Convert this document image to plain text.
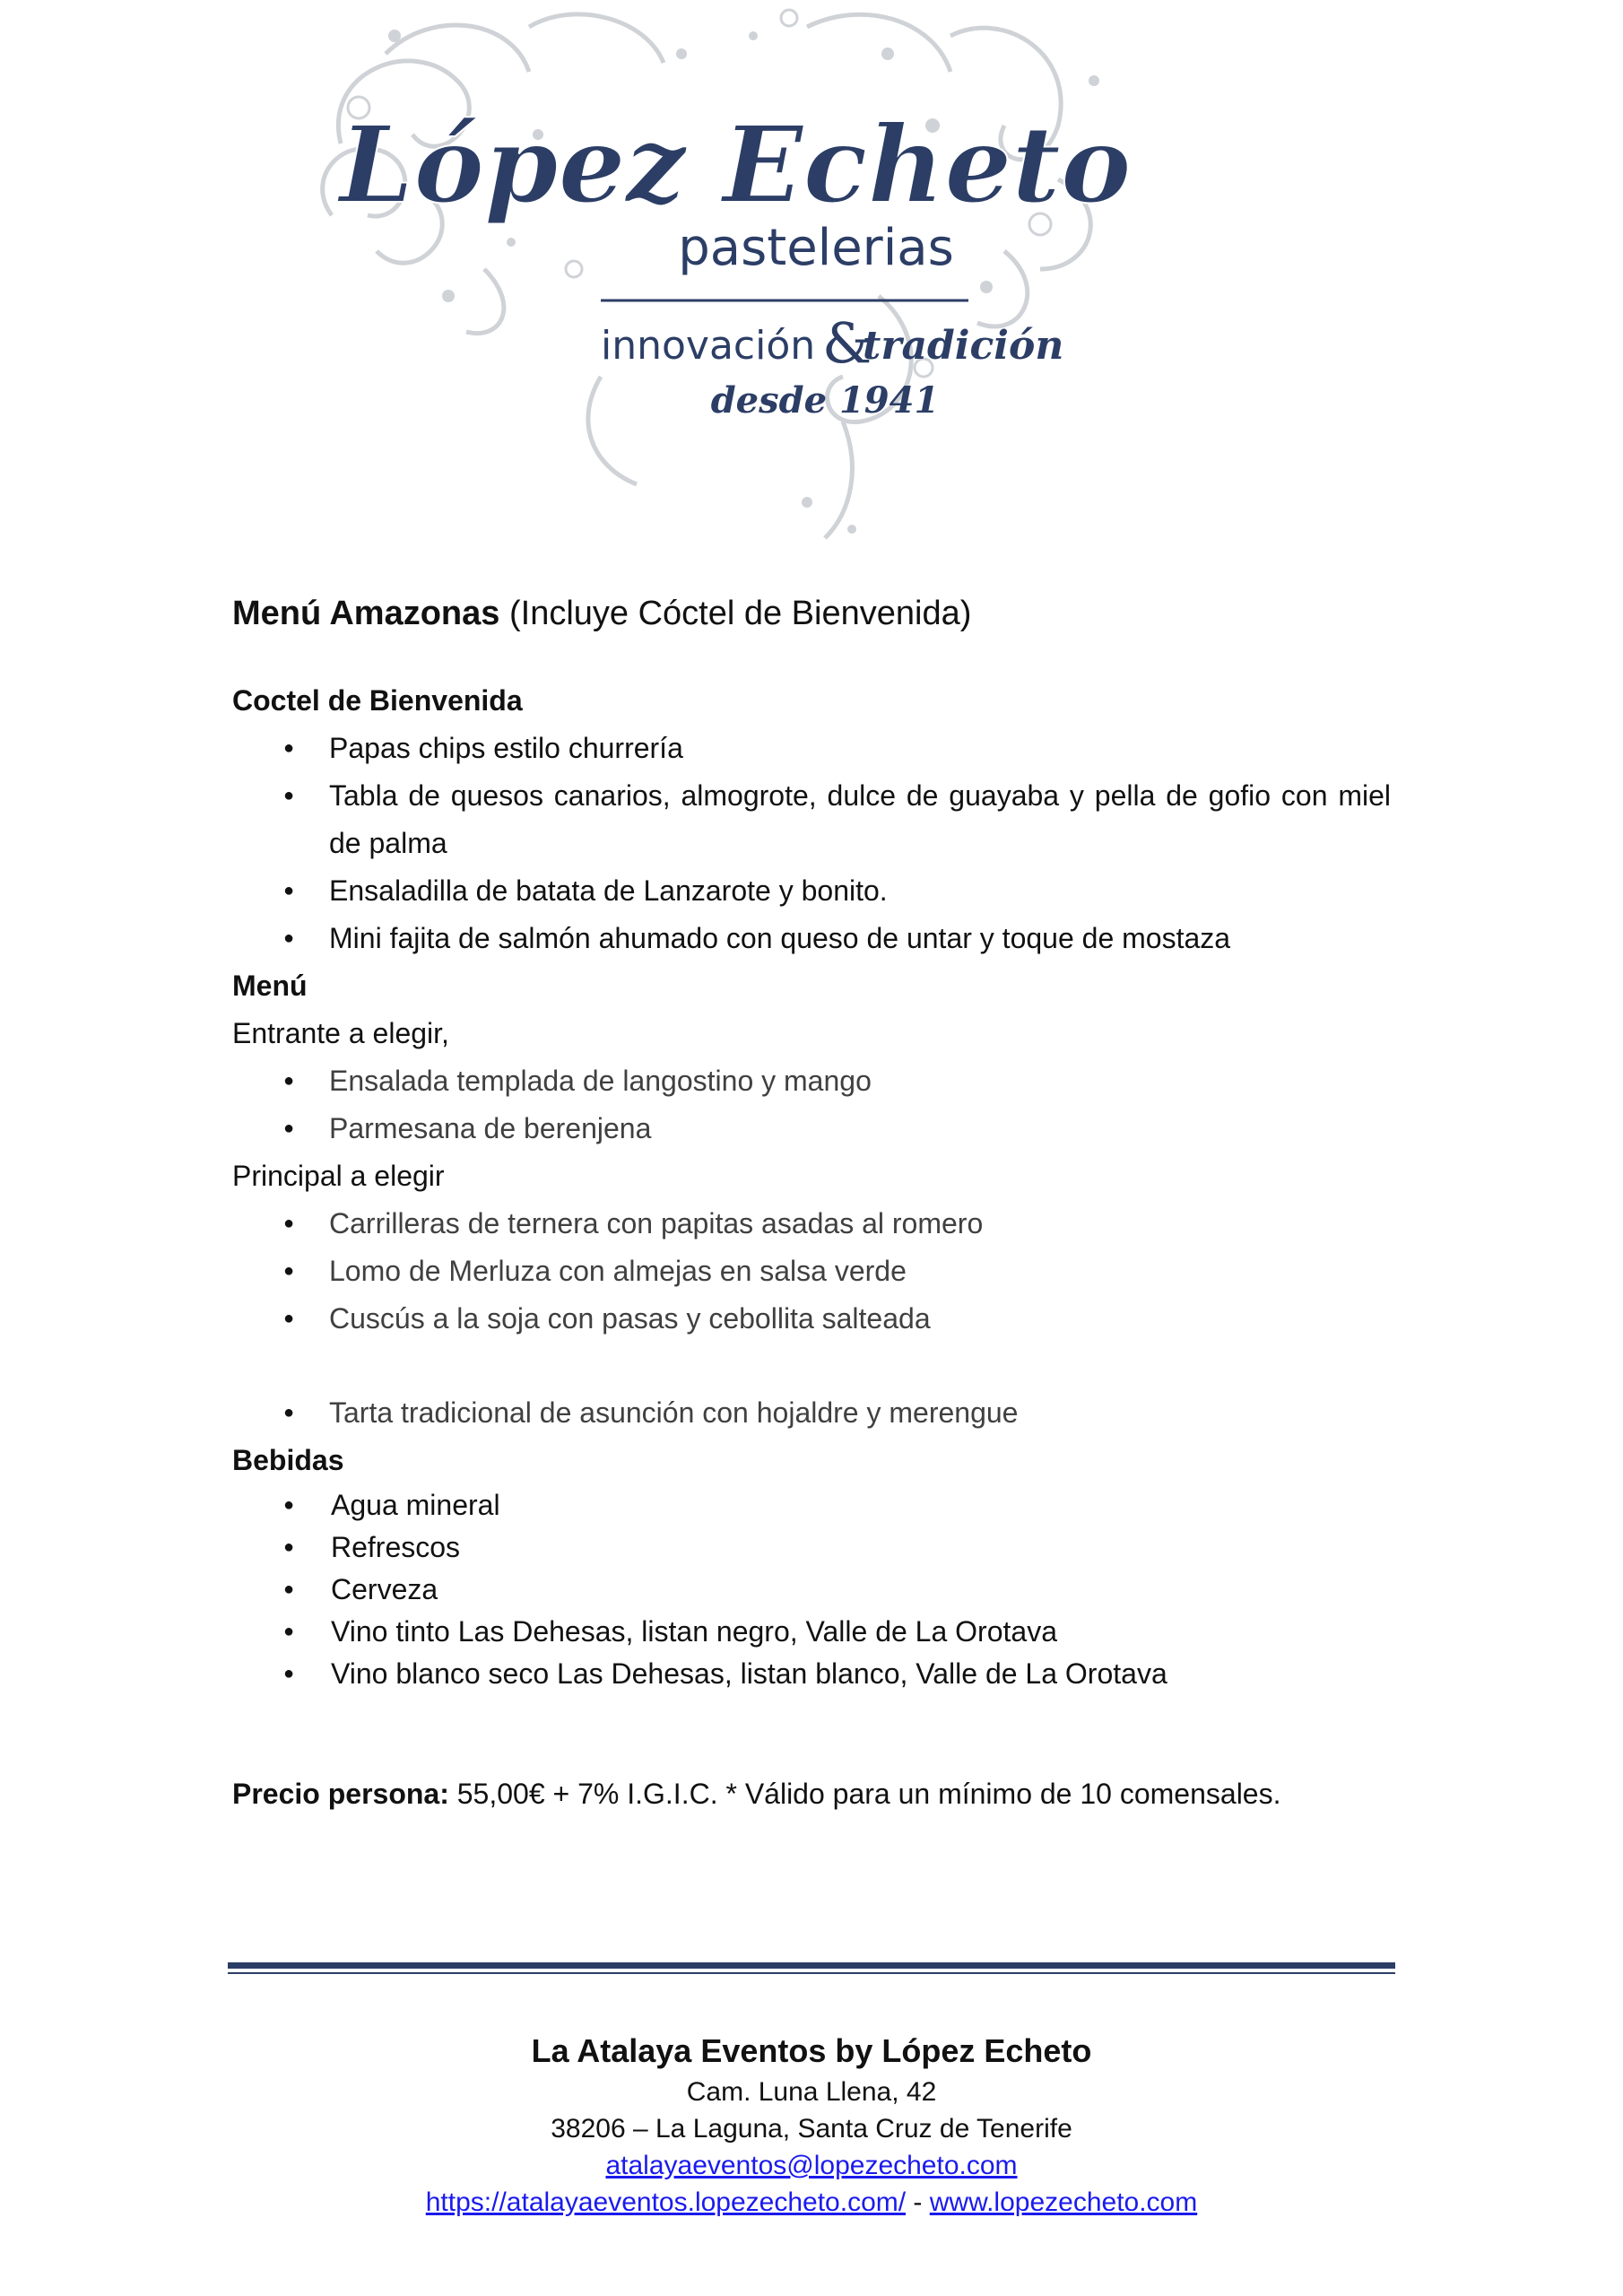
López Echeto
pastelerias
innovación &
tradición
desde 1941
Menú Amazonas (Incluye Cóctel de Bienvenida)
Coctel de Bienvenida
● Papas chips estilo churrería
● Tabla de quesos canarios, almogrote, dulce de guayaba y pella de gofio con miel de palma
● Ensaladilla de batata de Lanzarote y bonito.
● Mini fajita de salmón ahumado con queso de untar y toque de mostaza
Menú
Entrante a elegir,
● Ensalada templada de langostino y mango
● Parmesana de berenjena
Principal a elegir
● Carrilleras de ternera con papitas asadas al romero
● Lomo de Merluza con almejas en salsa verde
● Cuscús a la soja con pasas y cebollita salteada
● Tarta tradicional de asunción con hojaldre y merengue
Bebidas
● Agua mineral
● Refrescos
● Cerveza
● Vino tinto Las Dehesas, listan negro, Valle de La Orotava
● Vino blanco seco Las Dehesas, listan blanco, Valle de La Orotava
Precio persona: 55,00€ + 7% I.G.I.C. * Válido para un mínimo de 10 comensales.
La Atalaya Eventos by López Echeto
Cam. Luna Llena, 42
38206 – La Laguna, Santa Cruz de Tenerife
atalayaeventos@lopezecheto.com
https://atalayaeventos.lopezecheto.com/ - www.lopezecheto.com
